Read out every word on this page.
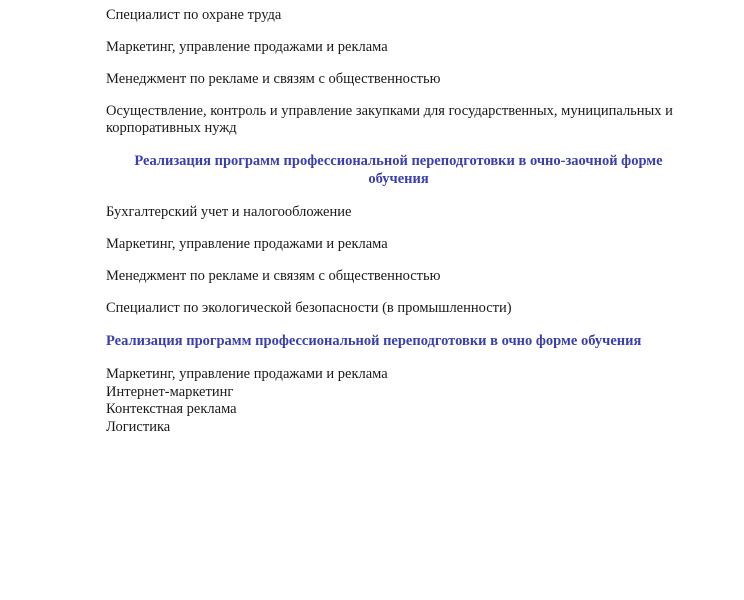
Специалист по охране труда

Маркетинг, управление продажами и реклама

Менеджмент по рекламе и связям с общественностью

Осуществление, контроль и управление закупками для государственных, муниципальных и корпоративных нужд

Реализация программ профессиональной переподготовки в очно-заочной форме обучения

Бухгалтерский учет и налогообложение

Маркетинг, управление продажами и реклама

Менеджмент по рекламе и связям с общественностью

Специалист по экологической безопасности (в промышленности)

Реализация программ профессиональной переподготовки в очно форме обучения

Маркетинг, управление продажами и реклама

Интернет-маркетинг

Контекстная реклама

Логистика
